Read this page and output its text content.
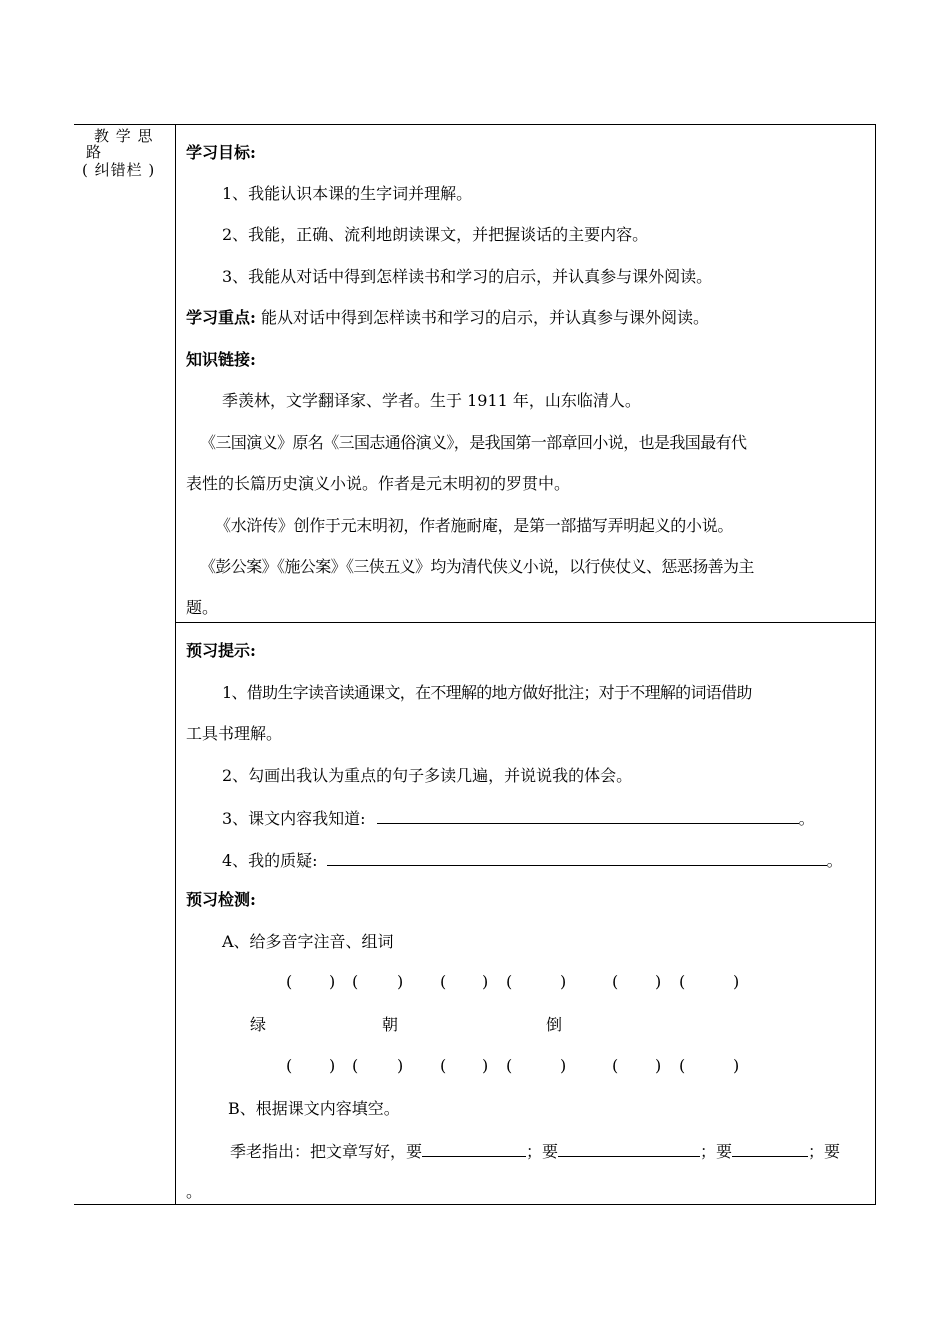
教 学 思
路
( 纠错栏 )
学习目标:
1、我能认识本课的生字词并理解。
2、我能，正确、流利地朗读课文，并把握谈话的主要内容。
3、我能从对话中得到怎样读书和学习的启示，并认真参与课外阅读。
学习重点: 能从对话中得到怎样读书和学习的启示，并认真参与课外阅读。
知识链接:
季羡林，文学翻译家、学者。生于 1911 年，山东临清人。
《三国演义》原名《三国志通俗演义》，是我国第一部章回小说，也是我国最有代
表性的长篇历史演义小说。作者是元末明初的罗贯中。
《水浒传》创作于元末明初，作者施耐庵，是第一部描写弄明起义的小说。
《彭公案》《施公案》《三侠五义》均为清代侠义小说，以行侠仗义、惩恶扬善为主
题。
预习提示:
1、借助生字读音读通课文，在不理解的地方做好批注；对于不理解的词语借助
工具书理解。
2、勾画出我认为重点的句子多读几遍，并说说我的体会。
3、课文内容我知道:	。
4、我的质疑:	。
预习检测:
A、给多音字注音、组词
( ) ( ) ( ) (	)	( ) (	)
绿	朝	倒
( ) ( ) ( ) (	)	( ) (	)
B、根据课文内容填空。
季老指出：把文章写好，要	；要	；要	；要
。
